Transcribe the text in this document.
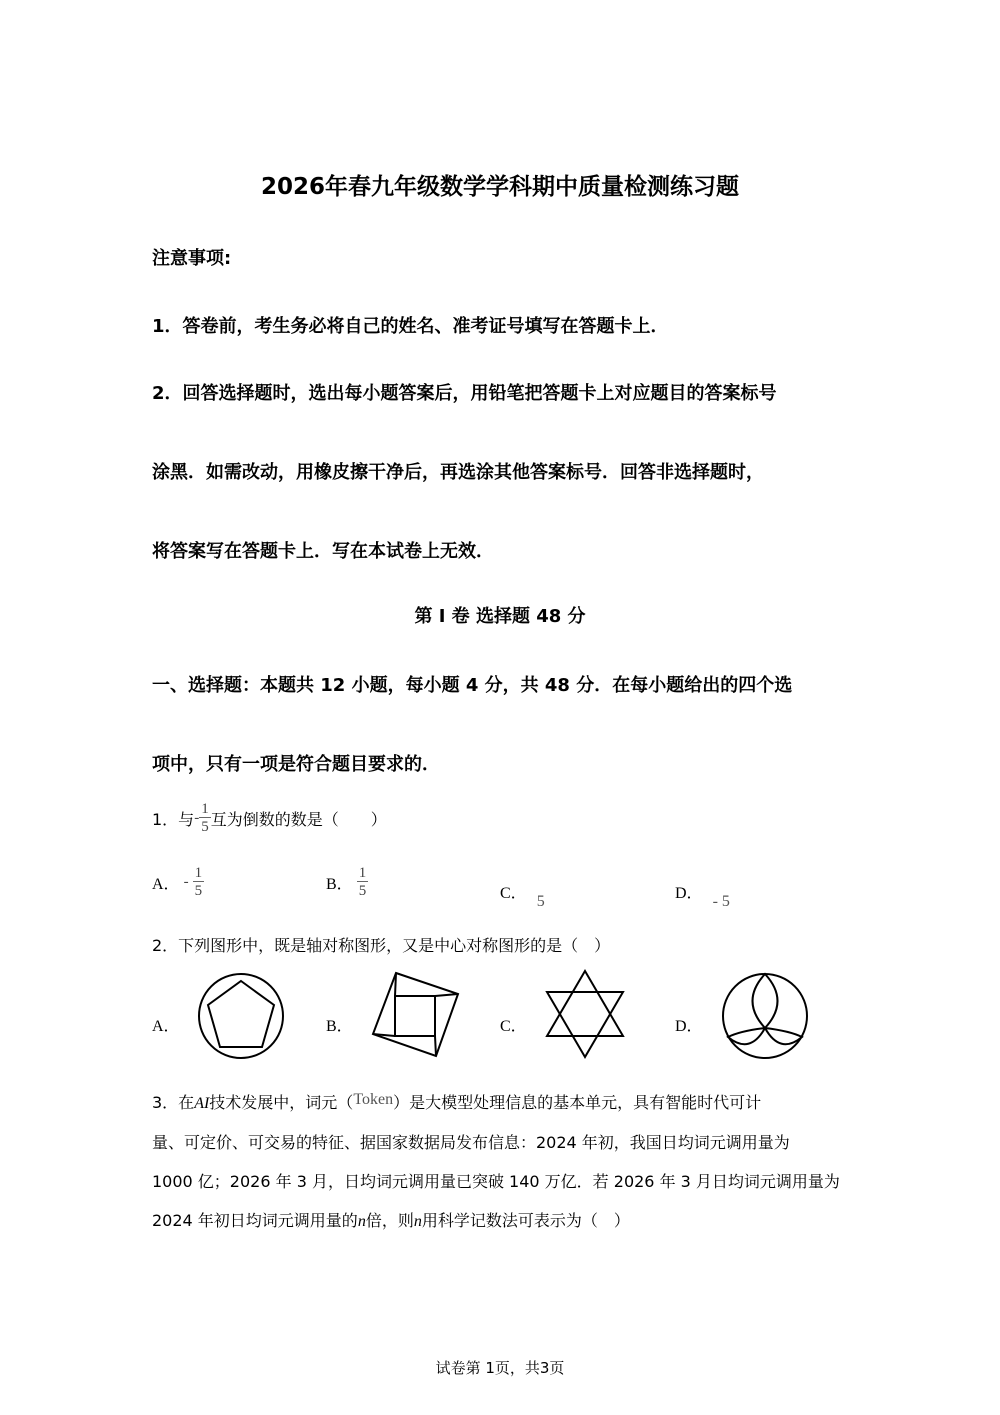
2026年春九年级数学学科期中质量检测练习题
注意事项:
1．答卷前，考生务必将自己的姓名、准考证号填写在答题卡上．
2．回答选择题时，选出每小题答案后，用铅笔把答题卡上对应题目的答案标号
涂黑．如需改动，用橡皮擦干净后，再选涂其他答案标号．回答非选择题时，
将答案写在答题卡上．写在本试卷上无效．
第 I 卷 选择题 48 分
一、选择题：本题共 12 小题，每小题 4 分，共 48 分．在每小题给出的四个选
项中，只有一项是符合题目要求的．
1．与- $\frac{1}{5}$ 互为倒数的数是（　　）
A． - $\frac{1}{5}$	B． $\frac{1}{5}$	C． 5	D． - 5
2．下列图形中，既是轴对称图形，又是中心对称图形的是（　）
A．	B．	C．	D．
3．在AI技术发展中，词元（Token）是大模型处理信息的基本单元，具有智能时代可计
量、可定价、可交易的特征、据国家数据局发布信息：2024 年初，我国日均词元调用量为
1000 亿；2026 年 3 月，日均词元调用量已突破 140 万亿．若 2026 年 3 月日均词元调用量为
2024 年初日均词元调用量的n倍，则n用科学记数法可表示为（　）
试卷第 1页，共3页
